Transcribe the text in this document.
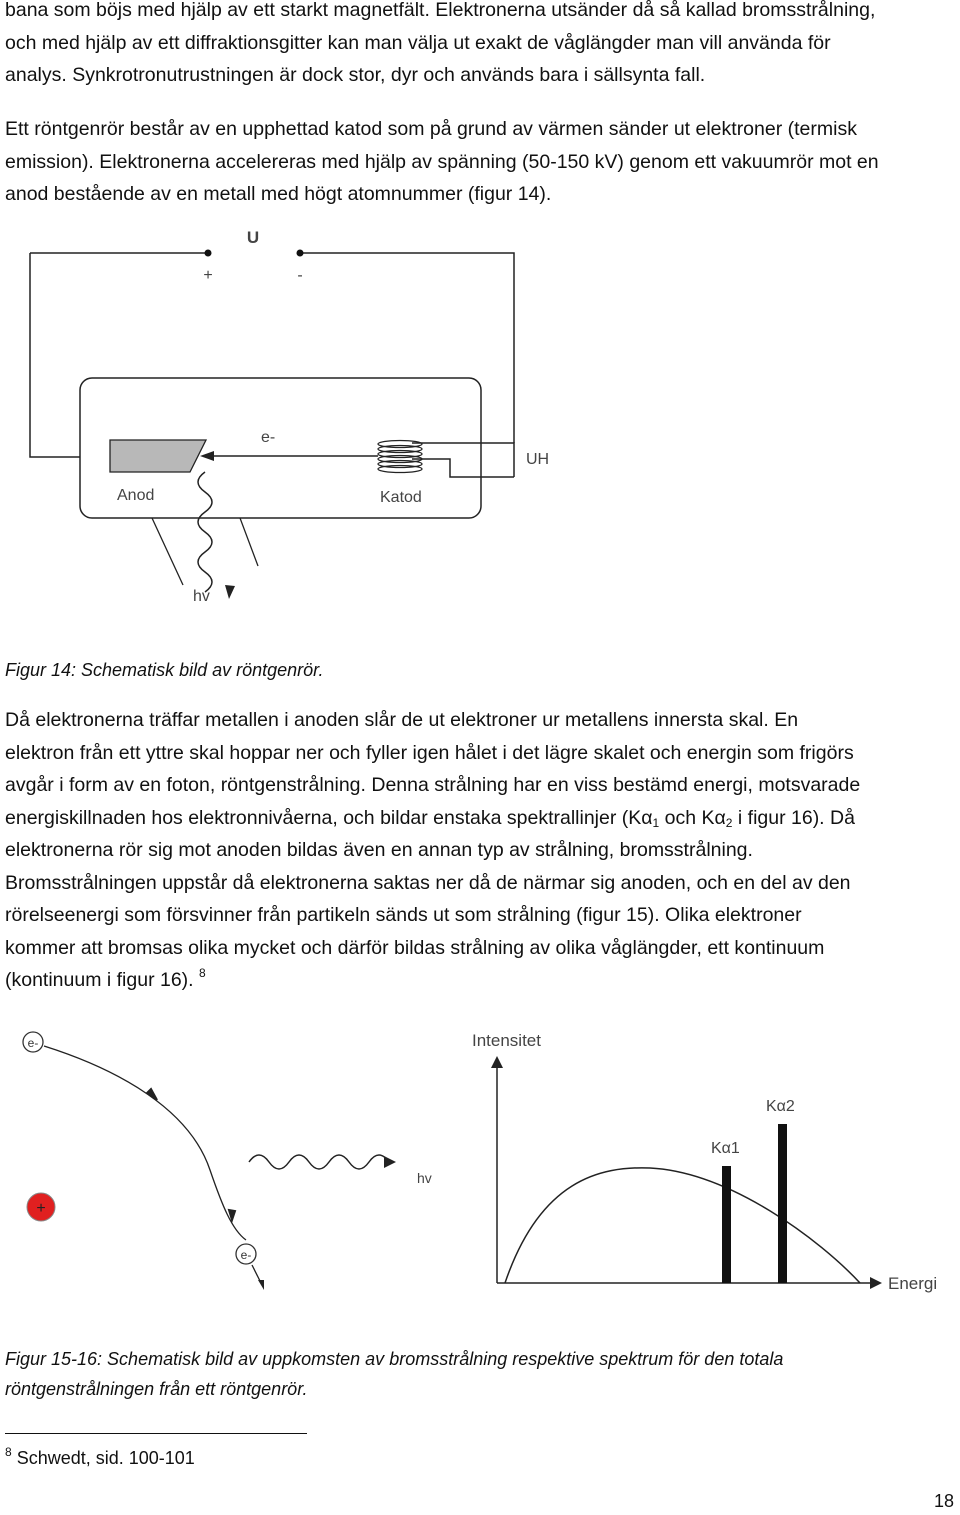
bana som böjs med hjälp av ett starkt magnetfält. Elektronerna utsänder då så kallad bromsstrålning,
och med hjälp av ett diffraktionsgitter kan man välja ut exakt de våglängder man vill använda för
analys. Synkrotronutrustningen är dock stor, dyr och används bara i sällsynta fall.
Ett röntgenrör består av en upphettad katod som på grund av värmen sänder ut elektroner (termisk
emission). Elektronerna accelereras med hjälp av spänning (50-150 kV) genom ett vakuumrör mot en
anod bestående av en metall med högt atomnummer (figur 14).
U
+	-
UH
Katod
Anod
e-
hv

Figur 14: Schematisk bild av röntgenrör.

Då elektronerna träffar metallen i anoden slår de ut elektroner ur metallens innersta skal. En
elektron från ett yttre skal hoppar ner och fyller igen hålet i det lägre skalet och energin som frigörs
avgår i form av en foton, röntgenstrålning. Denna strålning har en viss bestämd energi, motsvarade
energiskillnaden hos elektronnivåerna, och bildar enstaka spektrallinjer ($K\alpha_1$ och $K\alpha_2$ i figur 16). Då
elektronerna rör sig mot anoden bildas även en annan typ av strålning, bromsstrålning.
Bromsstrålningen uppstår då elektronerna saktas ner då de närmar sig anoden, och en del av den
rörelseenergi som försvinner från partikeln sänds ut som strålning (figur 15). Olika elektroner
kommer att bromsas olika mycket och därför bildas strålning av olika våglängder, ett kontinuum
(kontinuum i figur 16). $^8$
e-
e-
+
hv
Intensitet
Energi
Kα1
Kα2
Figur 15-16: Schematisk bild av uppkomsten av bromsstrålning respektive spektrum för den totala
röntgenstrålningen från ett röntgenrör.
$^8$ Schwedt, sid. 100-101
18
